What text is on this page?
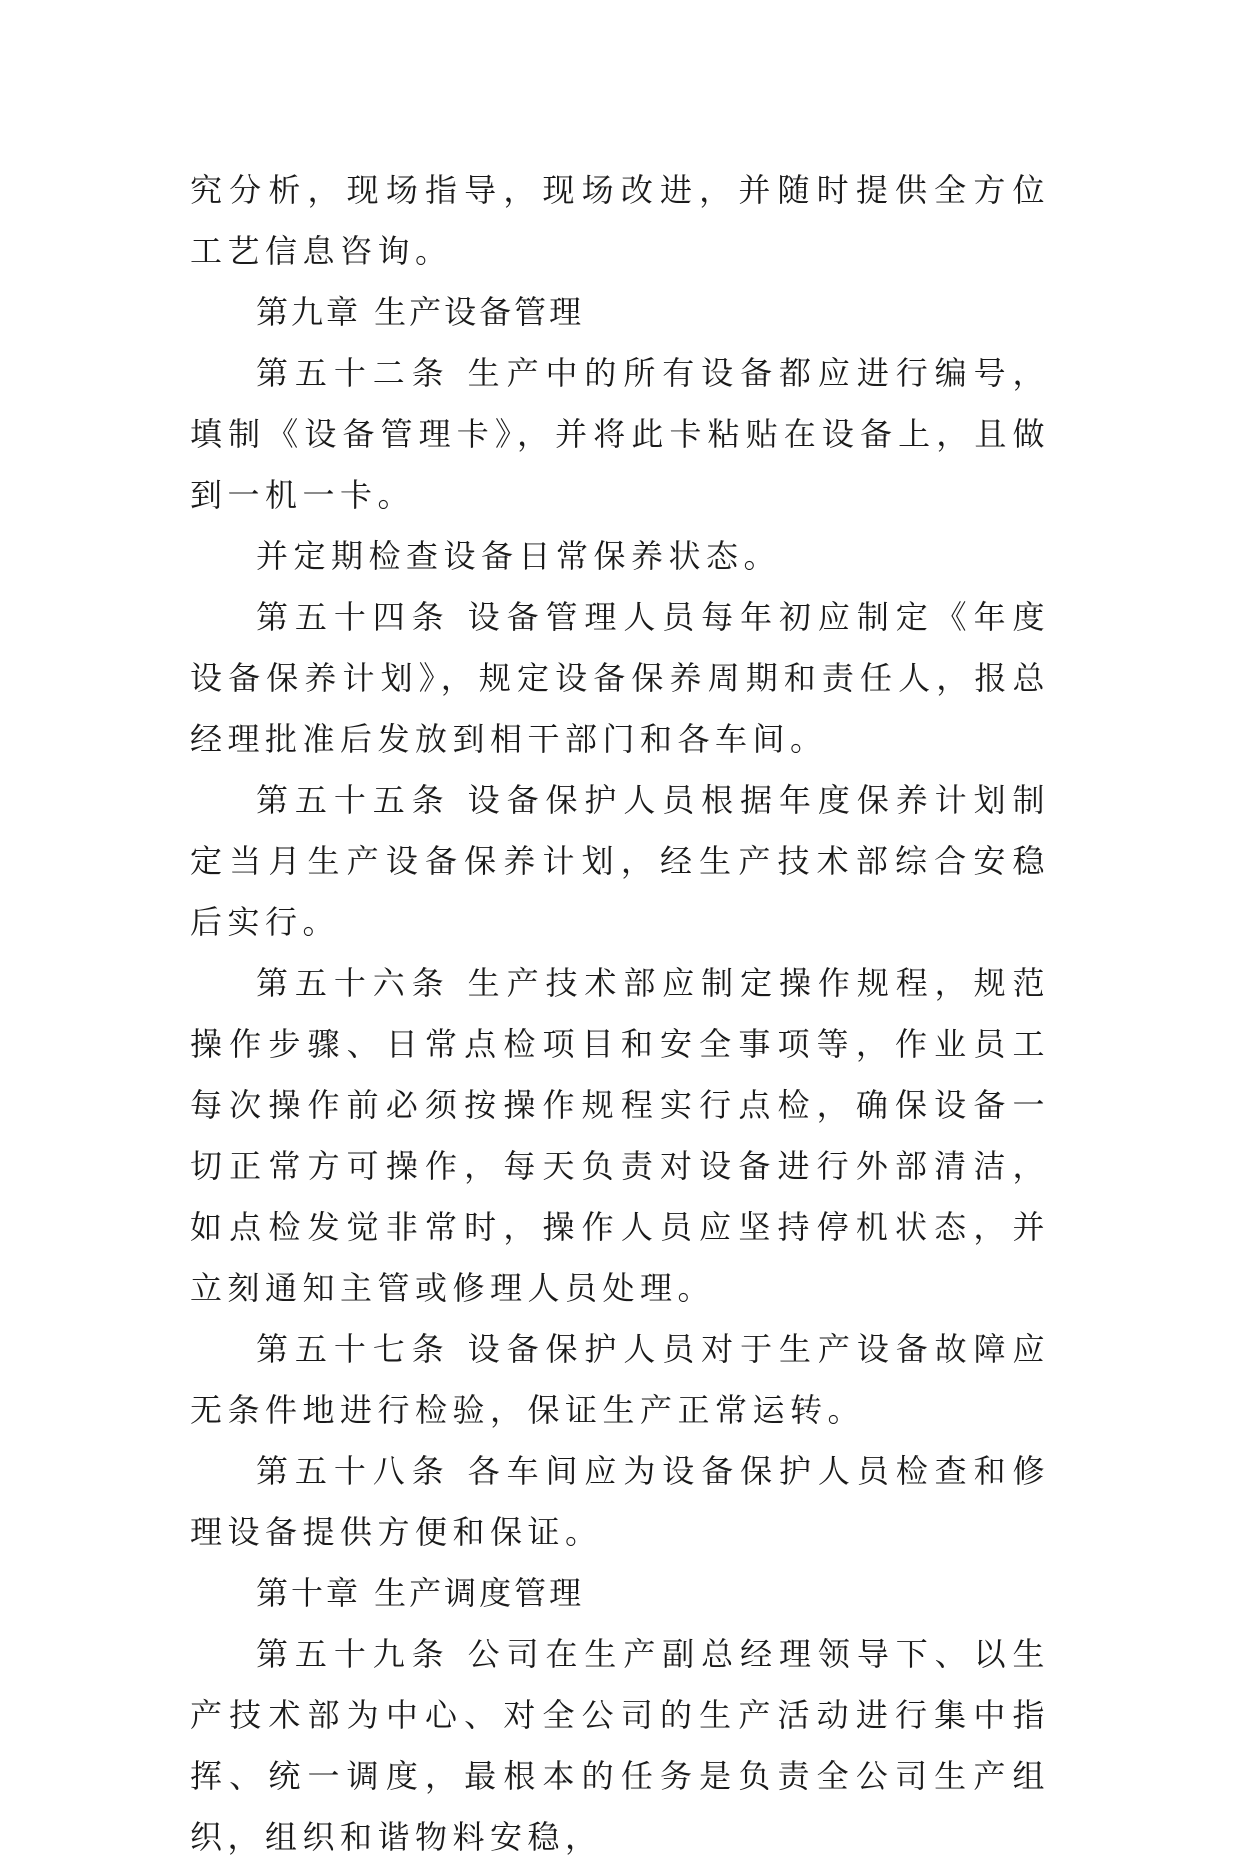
究分析，现场指导，现场改进，并随时提供全方位工艺信息咨询。

第九章 生产设备管理

第五十二条 生产中的所有设备都应进行编号，填制《设备管理卡》，并将此卡粘贴在设备上，且做到一机一卡。

并定期检查设备日常保养状态。

第五十四条 设备管理人员每年初应制定《年度设备保养计划》，规定设备保养周期和责任人，报总经理批准后发放到相干部门和各车间。

第五十五条 设备保护人员根据年度保养计划制定当月生产设备保养计划，经生产技术部综合安稳后实行。

第五十六条 生产技术部应制定操作规程，规范操作步骤、日常点检项目和安全事项等，作业员工每次操作前必须按操作规程实行点检，确保设备一切正常方可操作，每天负责对设备进行外部清洁，如点检发觉非常时，操作人员应坚持停机状态，并立刻通知主管或修理人员处理。

第五十七条 设备保护人员对于生产设备故障应无条件地进行检验，保证生产正常运转。

第五十八条 各车间应为设备保护人员检查和修理设备提供方便和保证。

第十章 生产调度管理

第五十九条 公司在生产副总经理领导下、以生产技术部为中心、对全公司的生产活动进行集中指挥、统一调度，最根本的任务是负责全公司生产组织，组织和谐物料安稳，
